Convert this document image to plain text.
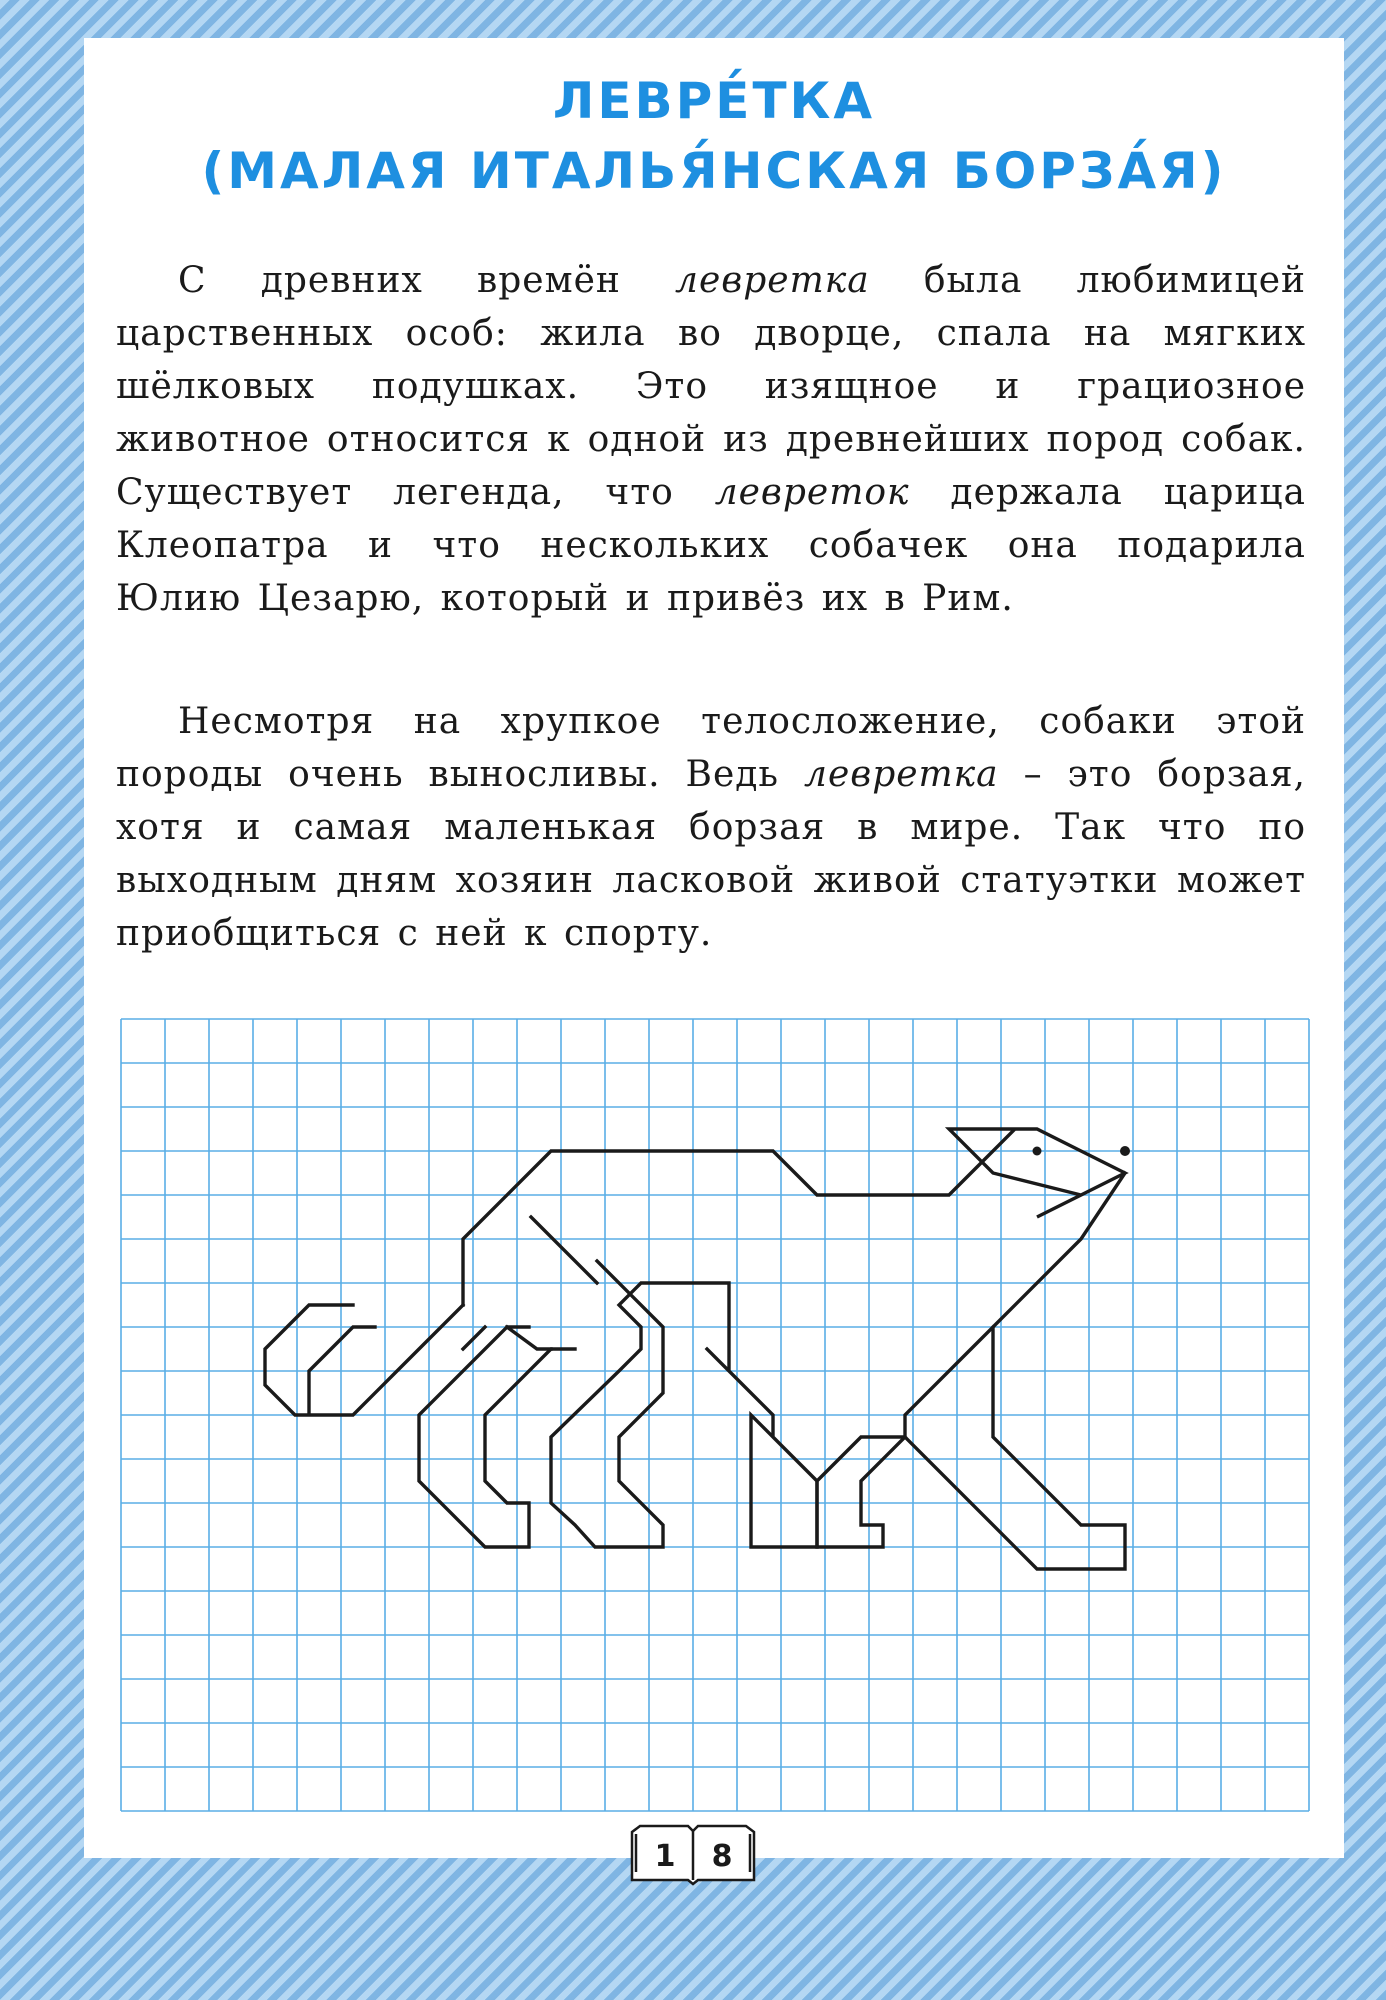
ЛЕВРЕ́ТКА
(МАЛАЯ ИТАЛЬЯ́НСКАЯ БОРЗА́Я)

С древних времён левретка была любимицей царственных особ: жила во дворце, спала на мягких шёлковых подушках. Это изящное и грациозное животное относится к одной из древнейших пород собак. Существует легенда, что левреток держала царица Клеопатра и что нескольких собачек она подарила Юлию Цезарю, который и привёз их в Рим.

Несмотря на хрупкое телосложение, собаки этой породы очень выносливы. Ведь левретка – это борзая, хотя и самая маленькая борзая в мире. Так что по выходным дням хозяин ласковой живой статуэтки может приобщиться с ней к спорту.

1 8
